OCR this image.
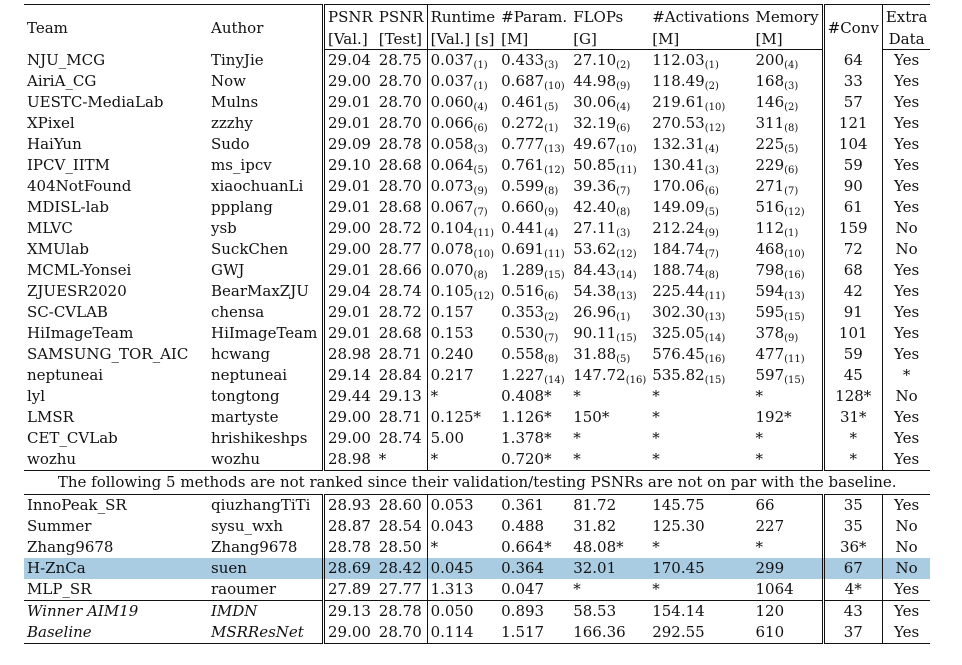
Team	Author	PSNR	PSNR	Runtime	#Param.	FLOPs	#Activations	Memory	#Conv	Extra
		[Val.]	[Test]	[Val.] [s]	[M]	[G]	[M]	[M]		Data
NJU_MCG	TinyJie	29.04	28.75	$0.037_{(1)}$	$0.433_{(3)}$	$27.10_{(2)}$	$112.03_{(1)}$	$200_{(4)}$	64	Yes
AiriA_CG	Now	29.00	28.70	$0.037_{(1)}$	$0.687_{(10)}$	$44.98_{(9)}$	$118.49_{(2)}$	$168_{(3)}$	33	Yes
UESTC-MediaLab	Mulns	29.01	28.70	$0.060_{(4)}$	$0.461_{(5)}$	$30.06_{(4)}$	$219.61_{(10)}$	$146_{(2)}$	57	Yes
XPixel	zzzhy	29.01	28.70	$0.066_{(6)}$	$0.272_{(1)}$	$32.19_{(6)}$	$270.53_{(12)}$	$311_{(8)}$	121	Yes
HaiYun	Sudo	29.09	28.78	$0.058_{(3)}$	$0.777_{(13)}$	$49.67_{(10)}$	$132.31_{(4)}$	$225_{(5)}$	104	Yes
IPCV_IITM	ms_ipcv	29.10	28.68	$0.064_{(5)}$	$0.761_{(12)}$	$50.85_{(11)}$	$130.41_{(3)}$	$229_{(6)}$	59	Yes
404NotFound	xiaochuanLi	29.01	28.70	$0.073_{(9)}$	$0.599_{(8)}$	$39.36_{(7)}$	$170.06_{(6)}$	$271_{(7)}$	90	Yes
MDISL-lab	ppplang	29.01	28.68	$0.067_{(7)}$	$0.660_{(9)}$	$42.40_{(8)}$	$149.09_{(5)}$	$516_{(12)}$	61	Yes
MLVC	ysb	29.00	28.72	$0.104_{(11)}$	$0.441_{(4)}$	$27.11_{(3)}$	$212.24_{(9)}$	$112_{(1)}$	159	No
XMUlab	SuckChen	29.00	28.77	$0.078_{(10)}$	$0.691_{(11)}$	$53.62_{(12)}$	$184.74_{(7)}$	$468_{(10)}$	72	No
MCML-Yonsei	GWJ	29.01	28.66	$0.070_{(8)}$	$1.289_{(15)}$	$84.43_{(14)}$	$188.74_{(8)}$	$798_{(16)}$	68	Yes
ZJUESR2020	BearMaxZJU	29.04	28.74	$0.105_{(12)}$	$0.516_{(6)}$	$54.38_{(13)}$	$225.44_{(11)}$	$594_{(13)}$	42	Yes
SC-CVLAB	chensa	29.01	28.72	0.157	$0.353_{(2)}$	$26.96_{(1)}$	$302.30_{(13)}$	$595_{(15)}$	91	Yes
HiImageTeam	HiImageTeam	29.01	28.68	0.153	$0.530_{(7)}$	$90.11_{(15)}$	$325.05_{(14)}$	$378_{(9)}$	101	Yes
SAMSUNG_TOR_AIC	hcwang	28.98	28.71	0.240	$0.558_{(8)}$	$31.88_{(5)}$	$576.45_{(16)}$	$477_{(11)}$	59	Yes
neptuneai	neptuneai	29.14	28.84	0.217	$1.227_{(14)}$	$147.72_{(16)}$	$535.82_{(15)}$	$597_{(15)}$	45	*
lyl	tongtong	29.44	29.13	*	0.408*	*	*	*	128*	No
LMSR	martyste	29.00	28.71	0.125*	1.126*	150*	*	192*	31*	Yes
CET_CVLab	hrishikeshps	29.00	28.74	5.00	1.378*	*	*	*	*	Yes
wozhu	wozhu	28.98	*	*	0.720*	*	*	*	*	Yes
The following 5 methods are not ranked since their validation/testing PSNRs are not on par with the baseline.										
InnoPeak_SR	qiuzhangTiTi	28.93	28.60	0.053	0.361	81.72	145.75	66	35	Yes
Summer	sysu_wxh	28.87	28.54	0.043	0.488	31.82	125.30	227	35	No
Zhang9678	Zhang9678	28.78	28.50	*	0.664*	48.08*	*	*	36*	No
H-ZnCa	suen	28.69	28.42	0.045	0.364	32.01	170.45	299	67	No
MLP_SR	raoumer	27.89	27.77	1.313	0.047	*	*	1064	4*	Yes
Winner AIM19	IMDN	29.13	28.78	0.050	0.893	58.53	154.14	120	43	Yes
Baseline	MSRResNet	29.00	28.70	0.114	1.517	166.36	292.55	610	37	Yes
